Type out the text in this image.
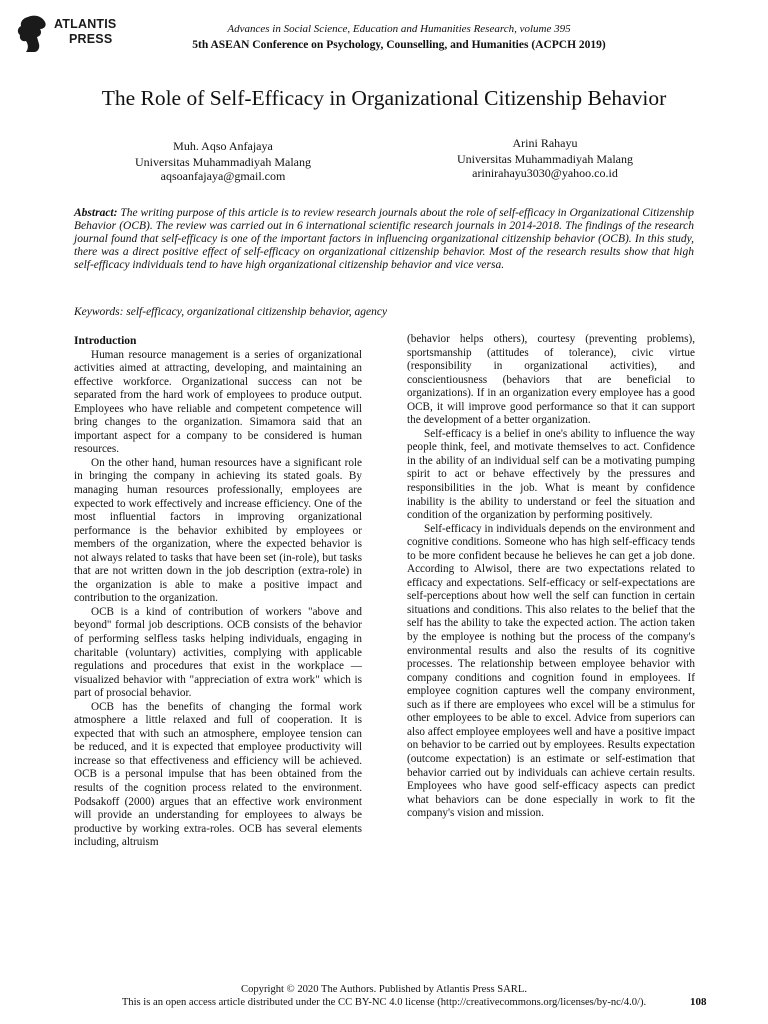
ATLANTIS
PRESS
Advances in Social Science, Education and Humanities Research, volume 395
5th ASEAN Conference on Psychology, Counselling, and Humanities (ACPCH 2019)
The Role of Self-Efficacy in Organizational Citizenship Behavior
Muh. Aqso Anfajaya
Universitas Muhammadiyah Malang
aqsoanfajaya@gmail.com
Arini Rahayu
Universitas Muhammadiyah Malang
arinirahayu3030@yahoo.co.id
Abstract: The writing purpose of this article is to review research journals about the role of self-efficacy in Organizational Citizenship Behavior (OCB). The review was carried out in 6 international scientific research journals in 2014-2018. The findings of the research journal found that self-efficacy is one of the important factors in influencing organizational citizenship behavior (OCB). In this study, there was a direct positive effect of self-efficacy on organizational citizenship behavior. Most of the research results show that high self-efficacy individuals tend to have high organizational citizenship behavior and vice versa.
Keywords: self-efficacy, organizational citizenship behavior, agency
Introduction

Human resource management is a series of organizational activities aimed at attracting, developing, and maintaining an effective workforce. Organizational success can not be separated from the hard work of employees to produce output. Employees who have reliable and competent competence will bring changes to the organization. Simamora said that an important aspect for a company to be considered is human resources.

On the other hand, human resources have a significant role in bringing the company in achieving its stated goals. By managing human resources professionally, employees are expected to work effectively and increase efficiency. One of the most influential factors in improving organizational performance is the behavior exhibited by employees or members of the organization, where the expected behavior is not always related to tasks that have been set (in-role), but tasks that are not written down in the job description (extra-role) in the organization is able to make a positive impact and contribution to the organization.

OCB is a kind of contribution of workers "above and beyond" formal job descriptions. OCB consists of the behavior of performing selfless tasks helping individuals, engaging in charitable (voluntary) activities, complying with applicable regulations and procedures that exist in the workplace — visualized behavior with "appreciation of extra work" which is part of prosocial behavior.

OCB has the benefits of changing the formal work atmosphere a little relaxed and full of cooperation. It is expected that with such an atmosphere, employee tension can be reduced, and it is expected that employee productivity will increase so that effectiveness and efficiency will be achieved. OCB is a personal impulse that has been obtained from the results of the cognition process related to the environment. Podsakoff (2000) argues that an effective work environment will provide an understanding for employees to always be productive by working extra-roles. OCB has several elements including, altruism

(behavior helps others), courtesy (preventing problems), sportsmanship (attitudes of tolerance), civic virtue (responsibility in organizational activities), and conscientiousness (behaviors that are beneficial to organizations). If in an organization every employee has a good OCB, it will improve good performance so that it can support the development of a better organization.

Self-efficacy is a belief in one's ability to influence the way people think, feel, and motivate themselves to act. Confidence in the ability of an individual self can be a motivating pumping spirit to act or behave effectively by the pressures and responsibilities in the job. What is meant by confidence inability is the ability to understand or feel the situation and condition of the organization by performing positively.

Self-efficacy in individuals depends on the environment and cognitive conditions. Someone who has high self-efficacy tends to be more confident because he believes he can get a job done. According to Alwisol, there are two expectations related to efficacy and expectations. Self-efficacy or self-expectations are self-perceptions about how well the self can function in certain situations and conditions. This also relates to the belief that the self has the ability to take the expected action. The action taken by the employee is nothing but the process of the company's environmental results and also the results of its cognitive processes. The relationship between employee behavior with company conditions and cognition found in employees. If employee cognition captures well the company environment, such as if there are employees who excel will be a stimulus for other employees to be able to excel. Advice from superiors can also affect employee employees well and have a positive impact on behavior to be carried out by employees. Results expectation (outcome expectation) is an estimate or self-estimation that behavior carried out by individuals can achieve certain results. Employees who have good self-efficacy aspects can predict what behaviors can be done especially in work to fit the company's vision and mission.

Copyright © 2020 The Authors. Published by Atlantis Press SARL.
This is an open access article distributed under the CC BY-NC 4.0 license (http://creativecommons.org/licenses/by-nc/4.0/).	108
